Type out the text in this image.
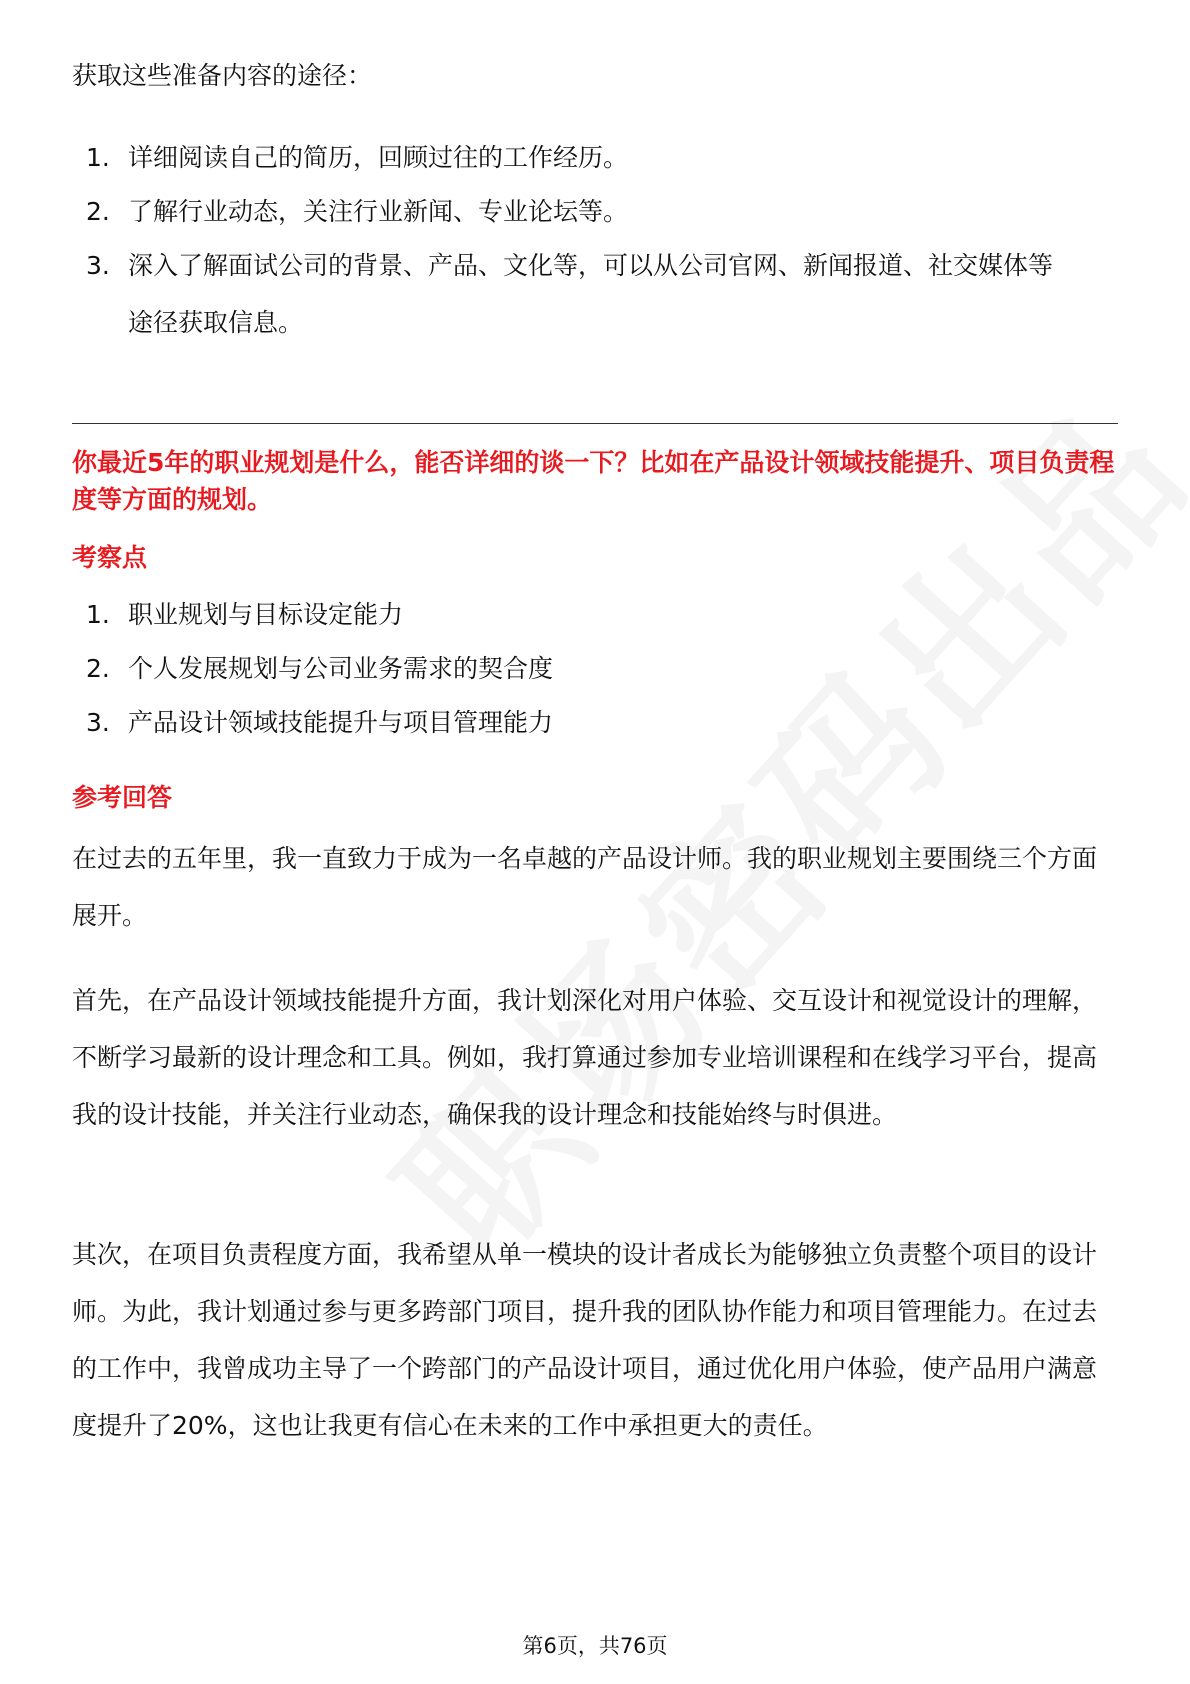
获取这些准备内容的途径：
1. 详细阅读自己的简历，回顾过往的工作经历。
2. 了解行业动态，关注行业新闻、专业论坛等。
3. 深入了解面试公司的背景、产品、文化等，可以从公司官网、新闻报道、社交媒体等途径获取信息。
你最近5年的职业规划是什么，能否详细的谈一下？比如在产品设计领域技能提升、项目负责程度等方面的规划。
考察点
1. 职业规划与目标设定能力
2. 个人发展规划与公司业务需求的契合度
3. 产品设计领域技能提升与项目管理能力
参考回答
在过去的五年里，我一直致力于成为一名卓越的产品设计师。我的职业规划主要围绕三个方面展开。
首先，在产品设计领域技能提升方面，我计划深化对用户体验、交互设计和视觉设计的理解，不断学习最新的设计理念和工具。例如，我打算通过参加专业培训课程和在线学习平台，提高我的设计技能，并关注行业动态，确保我的设计理念和技能始终与时俱进。
其次，在项目负责程度方面，我希望从单一模块的设计者成长为能够独立负责整个项目的设计师。为此，我计划通过参与更多跨部门项目，提升我的团队协作能力和项目管理能力。在过去的工作中，我曾成功主导了一个跨部门的产品设计项目，通过优化用户体验，使产品用户满意度提升了20%，这也让我更有信心在未来的工作中承担更大的责任。
第6页，共76页
